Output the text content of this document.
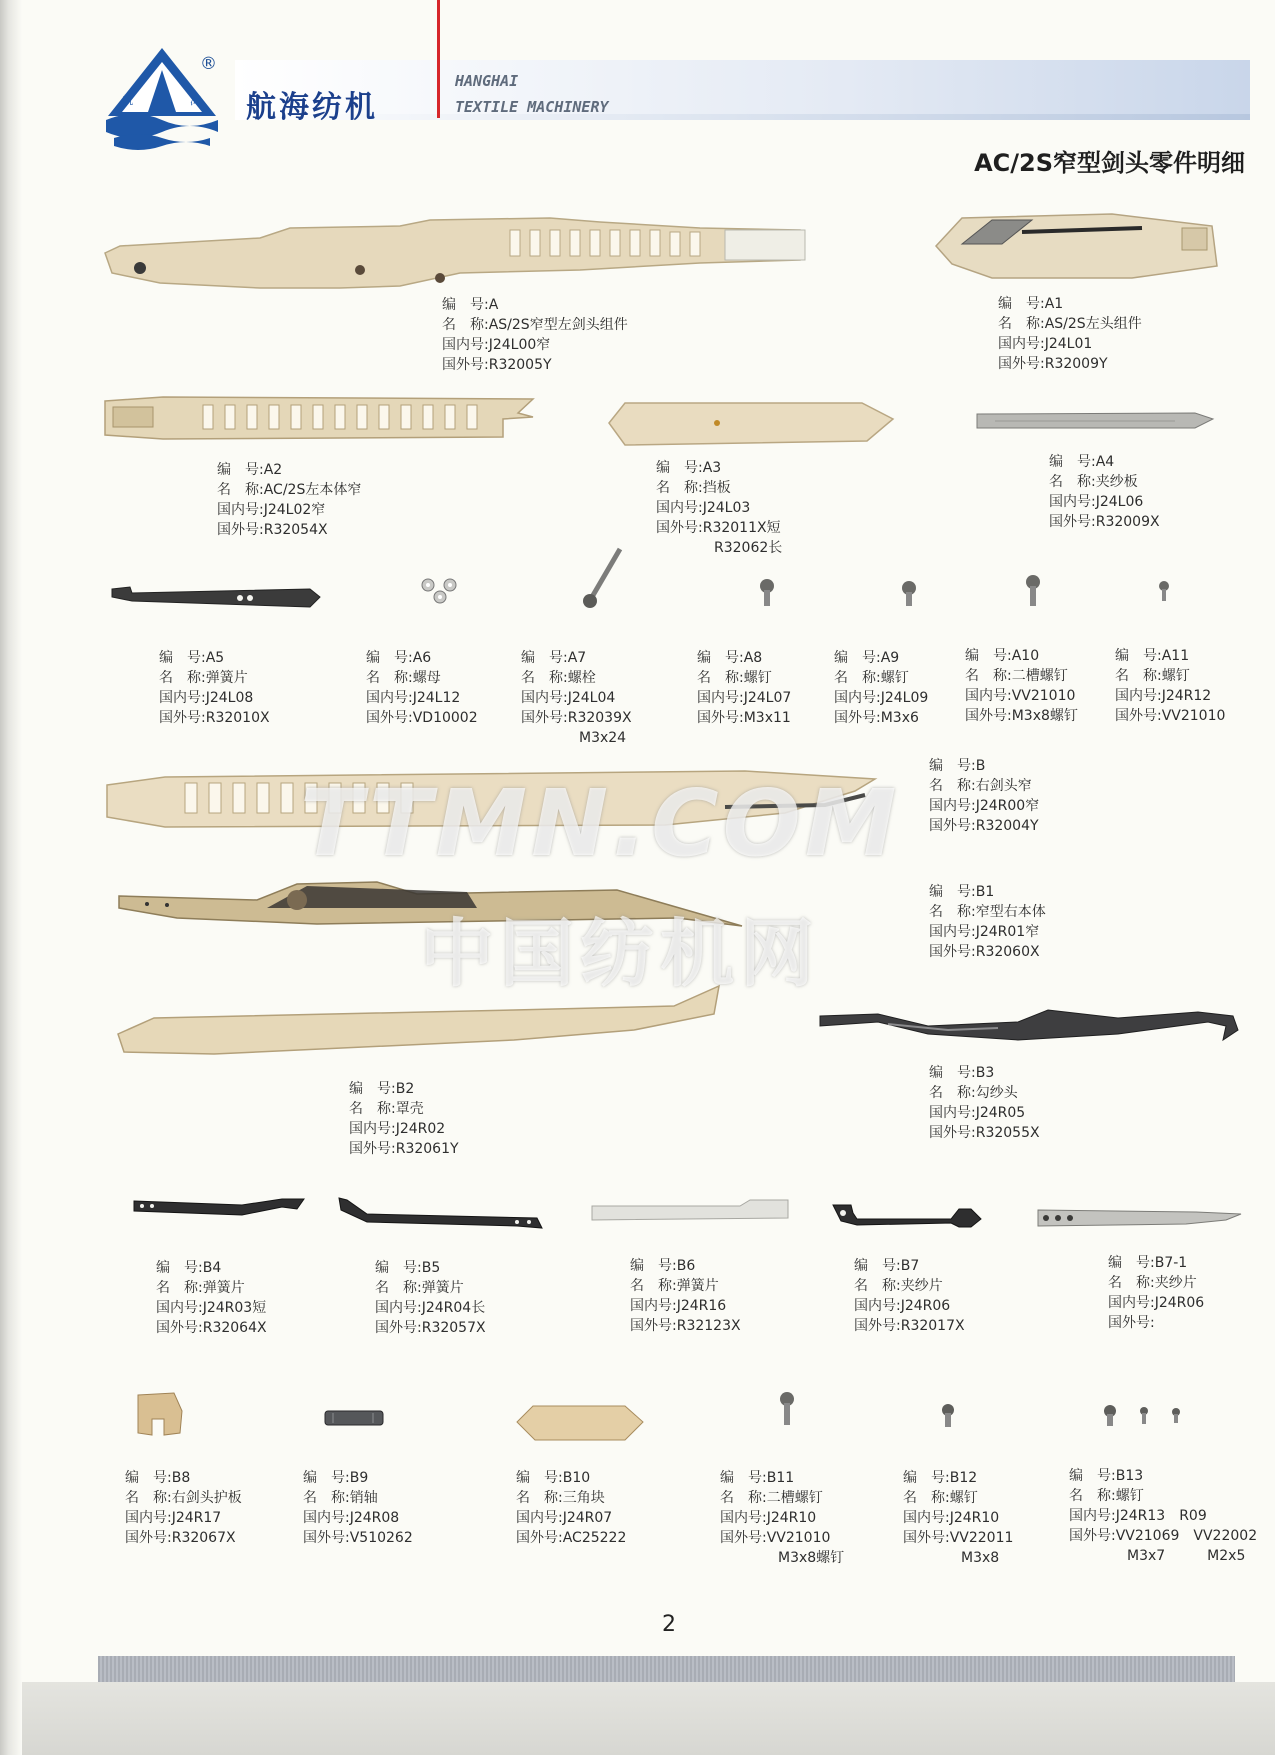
航	海
®
航海纺机
HANGHAI
TEXTILE MACHINERY
AC/2S窄型剑头零件明细
编　号:A
名　称:AS/2S窄型左剑头组件
国内号:J24L00窄
国外号:R32005Y
编　号:A1
名　称:AS/2S左头组件
国内号:J24L01
国外号:R32009Y
编　号:A2
名　称:AC/2S左本体窄
国内号:J24L02窄
国外号:R32054X
编　号:A3
名　称:挡板
国内号:J24L03
国外号:R32011X短
R32062长
编　号:A4
名　称:夹纱板
国内号:J24L06
国外号:R32009X
编　号:A5
名　称:弹簧片
国内号:J24L08
国外号:R32010X
编　号:A6
名　称:螺母
国内号:J24L12
国外号:VD10002
编　号:A7
名　称:螺栓
国内号:J24L04
国外号:R32039X
M3x24
编　号:A8
名　称:螺钉
国内号:J24L07
国外号:M3x11
编　号:A9
名　称:螺钉
国内号:J24L09
国外号:M3x6
编　号:A10
名　称:二槽螺钉
国内号:VV21010
国外号:M3x8螺钉
编　号:A11
名　称:螺钉
国内号:J24R12
国外号:VV21010
编　号:B
名　称:右剑头窄
国内号:J24R00窄
国外号:R32004Y
编　号:B1
名　称:窄型右本体
国内号:J24R01窄
国外号:R32060X
编　号:B2
名　称:罩壳
国内号:J24R02
国外号:R32061Y
编　号:B3
名　称:勾纱头
国内号:J24R05
国外号:R32055X
编　号:B4
名　称:弹簧片
国内号:J24R03短
国外号:R32064X
编　号:B5
名　称:弹簧片
国内号:J24R04长
国外号:R32057X
编　号:B6
名　称:弹簧片
国内号:J24R16
国外号:R32123X
编　号:B7
名　称:夹纱片
国内号:J24R06
国外号:R32017X
编　号:B7-1
名　称:夹纱片
国内号:J24R06
国外号:
编　号:B8
名　称:右剑头护板
国内号:J24R17
国外号:R32067X
编　号:B9
名　称:销轴
国内号:J24R08
国外号:V510262
编　号:B10
名　称:三角块
国内号:J24R07
国外号:AC25222
编　号:B11
名　称:二槽螺钉
国内号:J24R10
国外号:VV21010
M3x8螺钉
编　号:B12
名　称:螺钉
国内号:J24R10
国外号:VV22011
M3x8
编　号:B13
名　称:螺钉
国内号:J24R13　R09
国外号:VV21069　VV22002
M3x7　　　M2x5
TTMN.COM
中国纺机网
2
